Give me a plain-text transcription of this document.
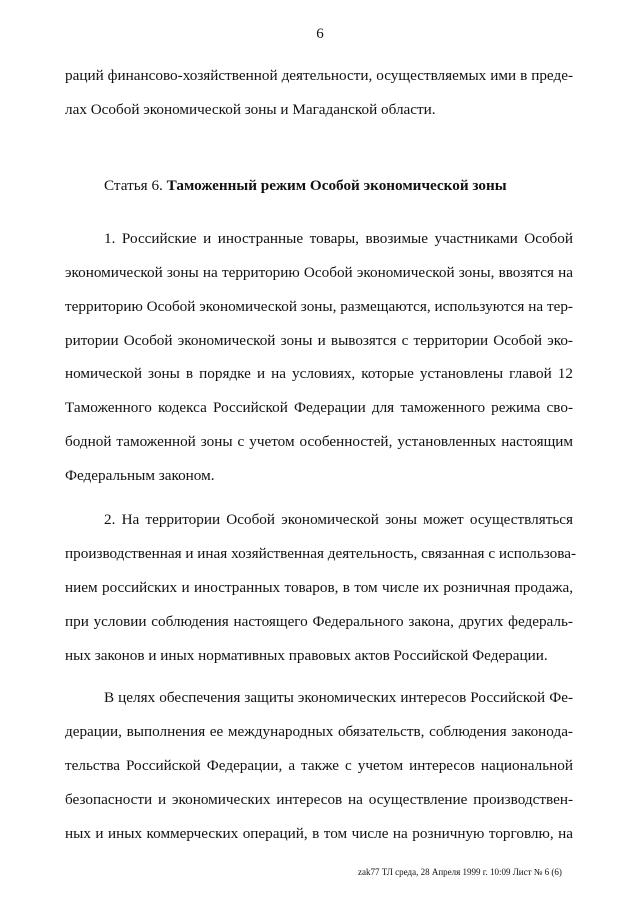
6
раций финансово-хозяйственной деятельности, осуществляемых ими в преде-
лах Особой экономической зоны и Магаданской области.
Статья 6. Таможенный режим Особой экономической зоны
1. Российские и иностранные товары, ввозимые участниками Особой
экономической зоны на территорию Особой экономической зоны, ввозятся на
территорию Особой экономической зоны, размещаются, используются на тер-
ритории Особой экономической зоны и вывозятся с территории Особой эко-
номической зоны в порядке и на условиях, которые установлены главой 12
Таможенного кодекса Российской Федерации для таможенного режима сво-
бодной таможенной зоны с учетом особенностей, установленных настоящим
Федеральным законом.
2. На территории Особой экономической зоны может осуществляться
производственная и иная хозяйственная деятельность, связанная с использова-
нием российских и иностранных товаров, в том числе их розничная продажа,
при условии соблюдения настоящего Федерального закона, других федераль-
ных законов и иных нормативных правовых актов Российской Федерации.
В целях обеспечения защиты экономических интересов Российской Фе-
дерации, выполнения ее международных обязательств, соблюдения законода-
тельства Российской Федерации, а также с учетом интересов национальной
безопасности и экономических интересов на осуществление производствен-
ных и иных коммерческих операций, в том числе на розничную торговлю, на
zak77 ТЛ среда, 28 Апреля 1999 г. 10:09 Лист № 6 (6)
